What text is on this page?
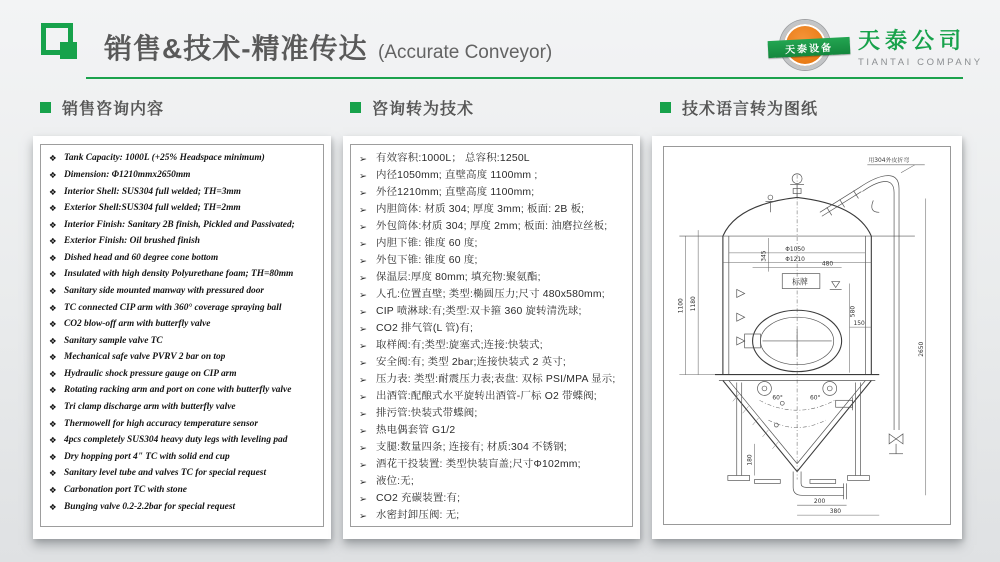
销售&技术-精准传达 (Accurate Conveyor)	天泰设备	天泰公司
TIANTAI COMPANY
销售咨询内容	咨询转为技术	技术语言转为图纸
❖ Tank Capacity: 1000L (+25% Headspace minimum)
❖ Dimension: Φ1210mmx2650mm
❖ Interior Shell: SUS304 full welded; TH=3mm
❖ Exterior Shell:SUS304 full welded; TH=2mm
❖ Interior Finish: Sanitary 2B finish, Pickled and Passivated;
❖ Exterior Finish: Oil brushed finish
❖ Dished head and 60 degree cone bottom
❖ Insulated with high density Polyurethane foam; TH=80mm
❖ Sanitary side mounted manway with pressured door
❖ TC connected CIP arm with 360° coverage spraying ball
❖ CO2 blow-off arm with butterfly valve
❖ Sanitary sample valve TC
❖ Mechanical safe valve PVRV 2 bar on top
❖ Hydraulic shock pressure gauge on CIP arm
❖ Rotating racking arm and port on cone with butterfly valve
❖ Tri clamp discharge arm with butterfly valve
❖ Thermowell for high accuracy temperature sensor
❖ 4pcs completely SUS304 heavy duty legs with leveling pad
❖ Dry hopping port 4" TC with solid end cup
❖ Sanitary level tube and valves TC for special request
❖ Carbonation port TC with stone
❖ Bunging valve 0.2-2.2bar for special request
➢ 有效容积:1000L； 总容积:1250L
➢ 内径1050mm; 直壁高度 1100mm ;
➢ 外径1210mm; 直壁高度 1100mm;
➢ 内胆筒体: 材质 304; 厚度 3mm; 板面: 2B 板;
➢ 外包筒体:材质 304; 厚度 2mm; 板面: 油磨拉丝板;
➢ 内胆下锥: 锥度 60 度;
➢ 外包下锥: 锥度 60 度;
➢ 保温层:厚度 80mm; 填充物:聚氨酯;
➢ 人孔:位置直壁; 类型:椭圆压力;尺寸 480x580mm;
➢ CIP 喷淋球:有;类型:双卡箍 360 旋转清洗球;
➢ CO2 排气管(L 管)有;
➢ 取样阀:有;类型:旋塞式;连接:快装式;
➢ 安全阀:有; 类型 2bar;连接快装式 2 英寸;
➢ 压力表: 类型:耐震压力表;表盘: 双标 PSI/MPA 显示;
➢ 出酒管:配酿式水平旋转出酒管-厂标 O2 带蝶阀;
➢ 排污管:快装式带蝶阀;
➢ 热电偶套管 G1/2
➢ 支腿:数量四条; 连接有; 材质:304 不锈钢;
➢ 酒花干投装置: 类型快装盲盖;尺寸Φ102mm;
➢ 液位:无;
➢ CO2 充碳装置:有;
➢ 水密封卸压阀: 无;
用304外皮折弯
标牌
Φ1050
Φ1210
345
480
580
150
1100 1180
60°	60°
180
200
380
2650
